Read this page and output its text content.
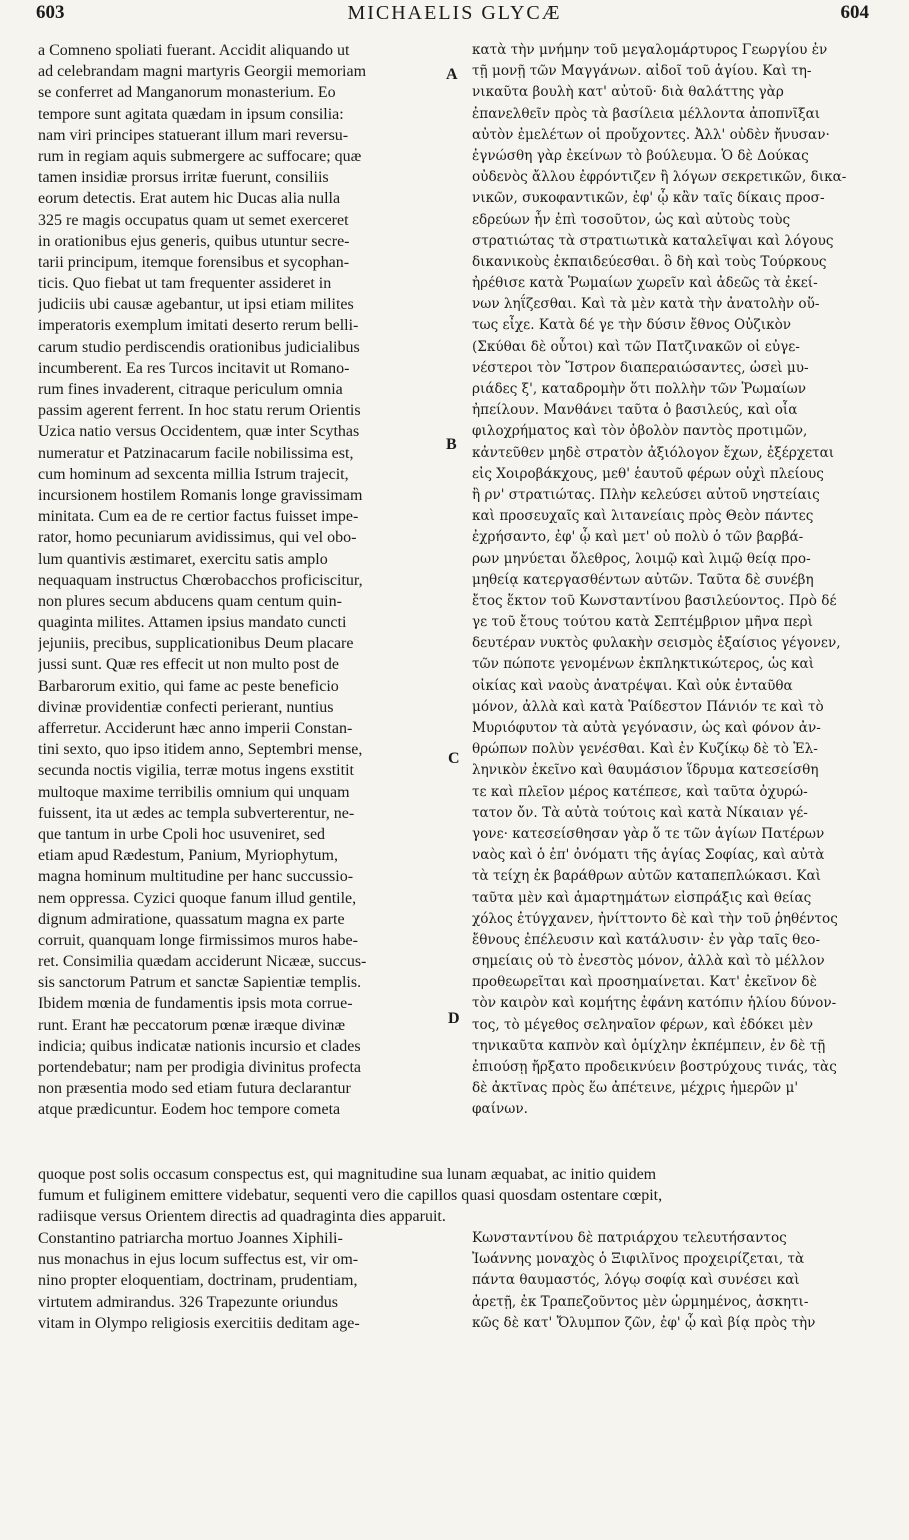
603	MICHAELIS GLYCÆ	604
A
B
C
D
a Comneno spoliati fuerant. Accidit aliquando ut
ad celebrandam magni martyris Georgii memoriam
se conferret ad Manganorum monasterium. Eo
tempore sunt agitata quædam in ipsum consilia:
nam viri principes statuerant illum mari reversu-
rum in regiam aquis submergere ac suffocare; quæ
tamen insidiæ prorsus irritæ fuerunt, consiliis
eorum detectis. Erat autem hic Ducas alia nulla
325 re magis occupatus quam ut semet exerceret
in orationibus ejus generis, quibus utuntur secre-
tarii principum, itemque forensibus et sycophan-
ticis. Quo fiebat ut tam frequenter assideret in
judiciis ubi causæ agebantur, ut ipsi etiam milites
imperatoris exemplum imitati deserto rerum belli-
carum studio perdiscendis orationibus judicialibus
incumberent. Ea res Turcos incitavit ut Romano-
rum fines invaderent, citraque periculum omnia
passim agerent ferrent. In hoc statu rerum Orientis
Uzica natio versus Occidentem, quæ inter Scythas
numeratur et Patzinacarum facile nobilissima est,
cum hominum ad sexcenta millia Istrum trajecit,
incursionem hostilem Romanis longe gravissimam
minitata. Cum ea de re certior factus fuisset impe-
rator, homo pecuniarum avidissimus, qui vel obo-
lum quantivis æstimaret, exercitu satis amplo
nequaquam instructus Chœrobacchos proficiscitur,
non plures secum abducens quam centum quin-
quaginta milites. Attamen ipsius mandato cuncti
jejuniis, precibus, supplicationibus Deum placare
jussi sunt. Quæ res effecit ut non multo post de
Barbarorum exitio, qui fame ac peste beneficio
divinæ providentiæ confecti perierant, nuntius
afferretur. Acciderunt hæc anno imperii Constan-
tini sexto, quo ipso itidem anno, Septembri mense,
secunda noctis vigilia, terræ motus ingens exstitit
multoque maxime terribilis omnium qui unquam
fuissent, ita ut ædes ac templa subverterentur, ne-
que tantum in urbe Cpoli hoc usuveniret, sed
etiam apud Rædestum, Panium, Myriophytum,
magna hominum multitudine per hanc succussio-
nem oppressa. Cyzici quoque fanum illud gentile,
dignum admiratione, quassatum magna ex parte
corruit, quanquam longe firmissimos muros habe-
ret. Consimilia quædam acciderunt Nicææ, succus-
sis sanctorum Patrum et sanctæ Sapientiæ templis.
Ibidem mœnia de fundamentis ipsis mota corrue-
runt. Erant hæ peccatorum pœnæ iræque divinæ
indicia; quibus indicatæ nationis incursio et clades
portendebatur; nam per prodigia divinitus profecta
non præsentia modo sed etiam futura declarantur
atque prædicuntur. Eodem hoc tempore cometa
κατὰ τὴν μνήμην τοῦ μεγαλομάρτυρος Γεωργίου ἐν
τῇ μονῇ τῶν Μαγγάνων. αἰδοῖ τοῦ ἁγίου. Καὶ τη-
νικαῦτα βουλὴ κατ' αὐτοῦ· διὰ θαλάττης γὰρ
ἐπανελθεῖν πρὸς τὰ βασίλεια μέλλοντα ἀποπνῖξαι
αὐτὸν ἐμελέτων οἱ προὔχοντες. Ἀλλ' οὐδὲν ἤνυσαν·
ἐγνώσθη γὰρ ἐκείνων τὸ βούλευμα. Ὁ δὲ Δούκας
οὐδενὸς ἄλλου ἐφρόντιζεν ἢ λόγων σεκρετικῶν, δικα-
νικῶν, συκοφαντικῶν, ἐφ' ᾧ κἂν ταῖς δίκαις προσ-
εδρεύων ἦν ἐπὶ τοσοῦτον, ὡς καὶ αὐτοὺς τοὺς
στρατιώτας τὰ στρατιωτικὰ καταλεῖψαι καὶ λόγους
δικανικοὺς ἐκπαιδεύεσθαι. ὃ δὴ καὶ τοὺς Τούρκους
ἠρέθισε κατὰ Ῥωμαίων χωρεῖν καὶ ἀδεῶς τὰ ἐκεί-
νων ληΐζεσθαι. Καὶ τὰ μὲν κατὰ τὴν ἀνατολὴν οὕ-
τως εἶχε. Κατὰ δέ γε τὴν δύσιν ἔθνος Οὐζικὸν
(Σκύθαι δὲ οὗτοι) καὶ τῶν Πατζινακῶν οἱ εὐγε-
νέστεροι τὸν Ἴστρον διαπεραιώσαντες, ὡσεὶ μυ-
ριάδες ξ', καταδρομὴν ὅτι πολλὴν τῶν Ῥωμαίων
ἠπείλουν. Μανθάνει ταῦτα ὁ βασιλεύς, καὶ οἷα
φιλοχρήματος καὶ τὸν ὀβολὸν παντὸς προτιμῶν,
κἀντεῦθεν μηδὲ στρατὸν ἀξιόλογον ἔχων, ἐξέρχεται
εἰς Χοιροβάκχους, μεθ' ἑαυτοῦ φέρων οὐχὶ πλείους
ἢ ρν' στρατιώτας. Πλὴν κελεύσει αὐτοῦ νηστείαις
καὶ προσευχαῖς καὶ λιτανείαις πρὸς Θεὸν πάντες
ἐχρήσαντο, ἐφ' ᾧ καὶ μετ' οὐ πολὺ ὁ τῶν βαρβά-
ρων μηνύεται ὄλεθρος, λοιμῷ καὶ λιμῷ θείᾳ προ-
μηθείᾳ κατεργασθέντων αὐτῶν. Ταῦτα δὲ συνέβη
ἔτος ἕκτον τοῦ Κωνσταντίνου βασιλεύοντος. Πρὸ δέ
γε τοῦ ἔτους τούτου κατὰ Σεπτέμβριον μῆνα περὶ
δευτέραν νυκτὸς φυλακὴν σεισμὸς ἐξαίσιος γέγονεν,
τῶν πώποτε γενομένων ἐκπληκτικώτερος, ὡς καὶ
οἰκίας καὶ ναοὺς ἀνατρέψαι. Καὶ οὐκ ἐνταῦθα
μόνον, ἀλλὰ καὶ κατὰ Ῥαίδεστον Πάνιόν τε καὶ τὸ
Μυριόφυτον τὰ αὐτὰ γεγόνασιν, ὡς καὶ φόνον ἀν-
θρώπων πολὺν γενέσθαι. Καὶ ἐν Κυζίκῳ δὲ τὸ Ἑλ-
ληνικὸν ἐκεῖνο καὶ θαυμάσιον ἵδρυμα κατεσείσθη
τε καὶ πλεῖον μέρος κατέπεσε, καὶ ταῦτα ὀχυρώ-
τατον ὄν. Τὰ αὐτὰ τούτοις καὶ κατὰ Νίκαιαν γέ-
γονε· κατεσείσθησαν γὰρ ὅ τε τῶν ἁγίων Πατέρων
ναὸς καὶ ὁ ἐπ' ὀνόματι τῆς ἁγίας Σοφίας, καὶ αὐτὰ
τὰ τείχη ἐκ βαράθρων αὐτῶν καταπεπλώκασι. Καὶ
ταῦτα μὲν καὶ ἁμαρτημάτων εἰσπράξις καὶ θείας
χόλος ἐτύγχανεν, ἠνίττοντο δὲ καὶ τὴν τοῦ ῥηθέντος
ἔθνους ἐπέλευσιν καὶ κατάλυσιν· ἐν γὰρ ταῖς θεο-
σημείαις οὐ τὸ ἐνεστὸς μόνον, ἀλλὰ καὶ τὸ μέλλον
προθεωρεῖται καὶ προσημαίνεται. Κατ' ἐκεῖνον δὲ
τὸν καιρὸν καὶ κομήτης ἐφάνη κατόπιν ἡλίου δύνον-
τος, τὸ μέγεθος σεληναῖον φέρων, καὶ ἐδόκει μὲν
τηνικαῦτα καπνὸν καὶ ὁμίχλην ἐκπέμπειν, ἐν δὲ τῇ
ἐπιούσῃ ἤρξατο προδεικνύειν βοστρύχους τινάς, τὰς
δὲ ἀκτῖνας πρὸς ἕω ἀπέτεινε, μέχρις ἡμερῶν μ'
φαίνων.
quoque post solis occasum conspectus est, qui magnitudine sua lunam æquabat, ac initio quidem
fumum et fuliginem emittere videbatur, sequenti vero die capillos quasi quosdam ostentare cœpit,
radiisque versus Orientem directis ad quadraginta dies apparuit.
Constantino patriarcha mortuo Joannes Xiphili-
nus monachus in ejus locum suffectus est, vir om-
nino propter eloquentiam, doctrinam, prudentiam,
virtutem admirandus. 326 Trapezunte oriundus
vitam in Olympo religiosis exercitiis deditam age-
Κωνσταντίνου δὲ πατριάρχου τελευτήσαντος
Ἰωάννης μοναχὸς ὁ Ξιφιλῖνος προχειρίζεται, τὰ
πάντα θαυμαστός, λόγῳ σοφίᾳ καὶ συνέσει καὶ
ἀρετῇ, ἐκ Τραπεζοῦντος μὲν ὡρμημένος, ἀσκητι-
κῶς δὲ κατ' Ὄλυμπον ζῶν, ἐφ' ᾧ καὶ βίᾳ πρὸς τὴν
